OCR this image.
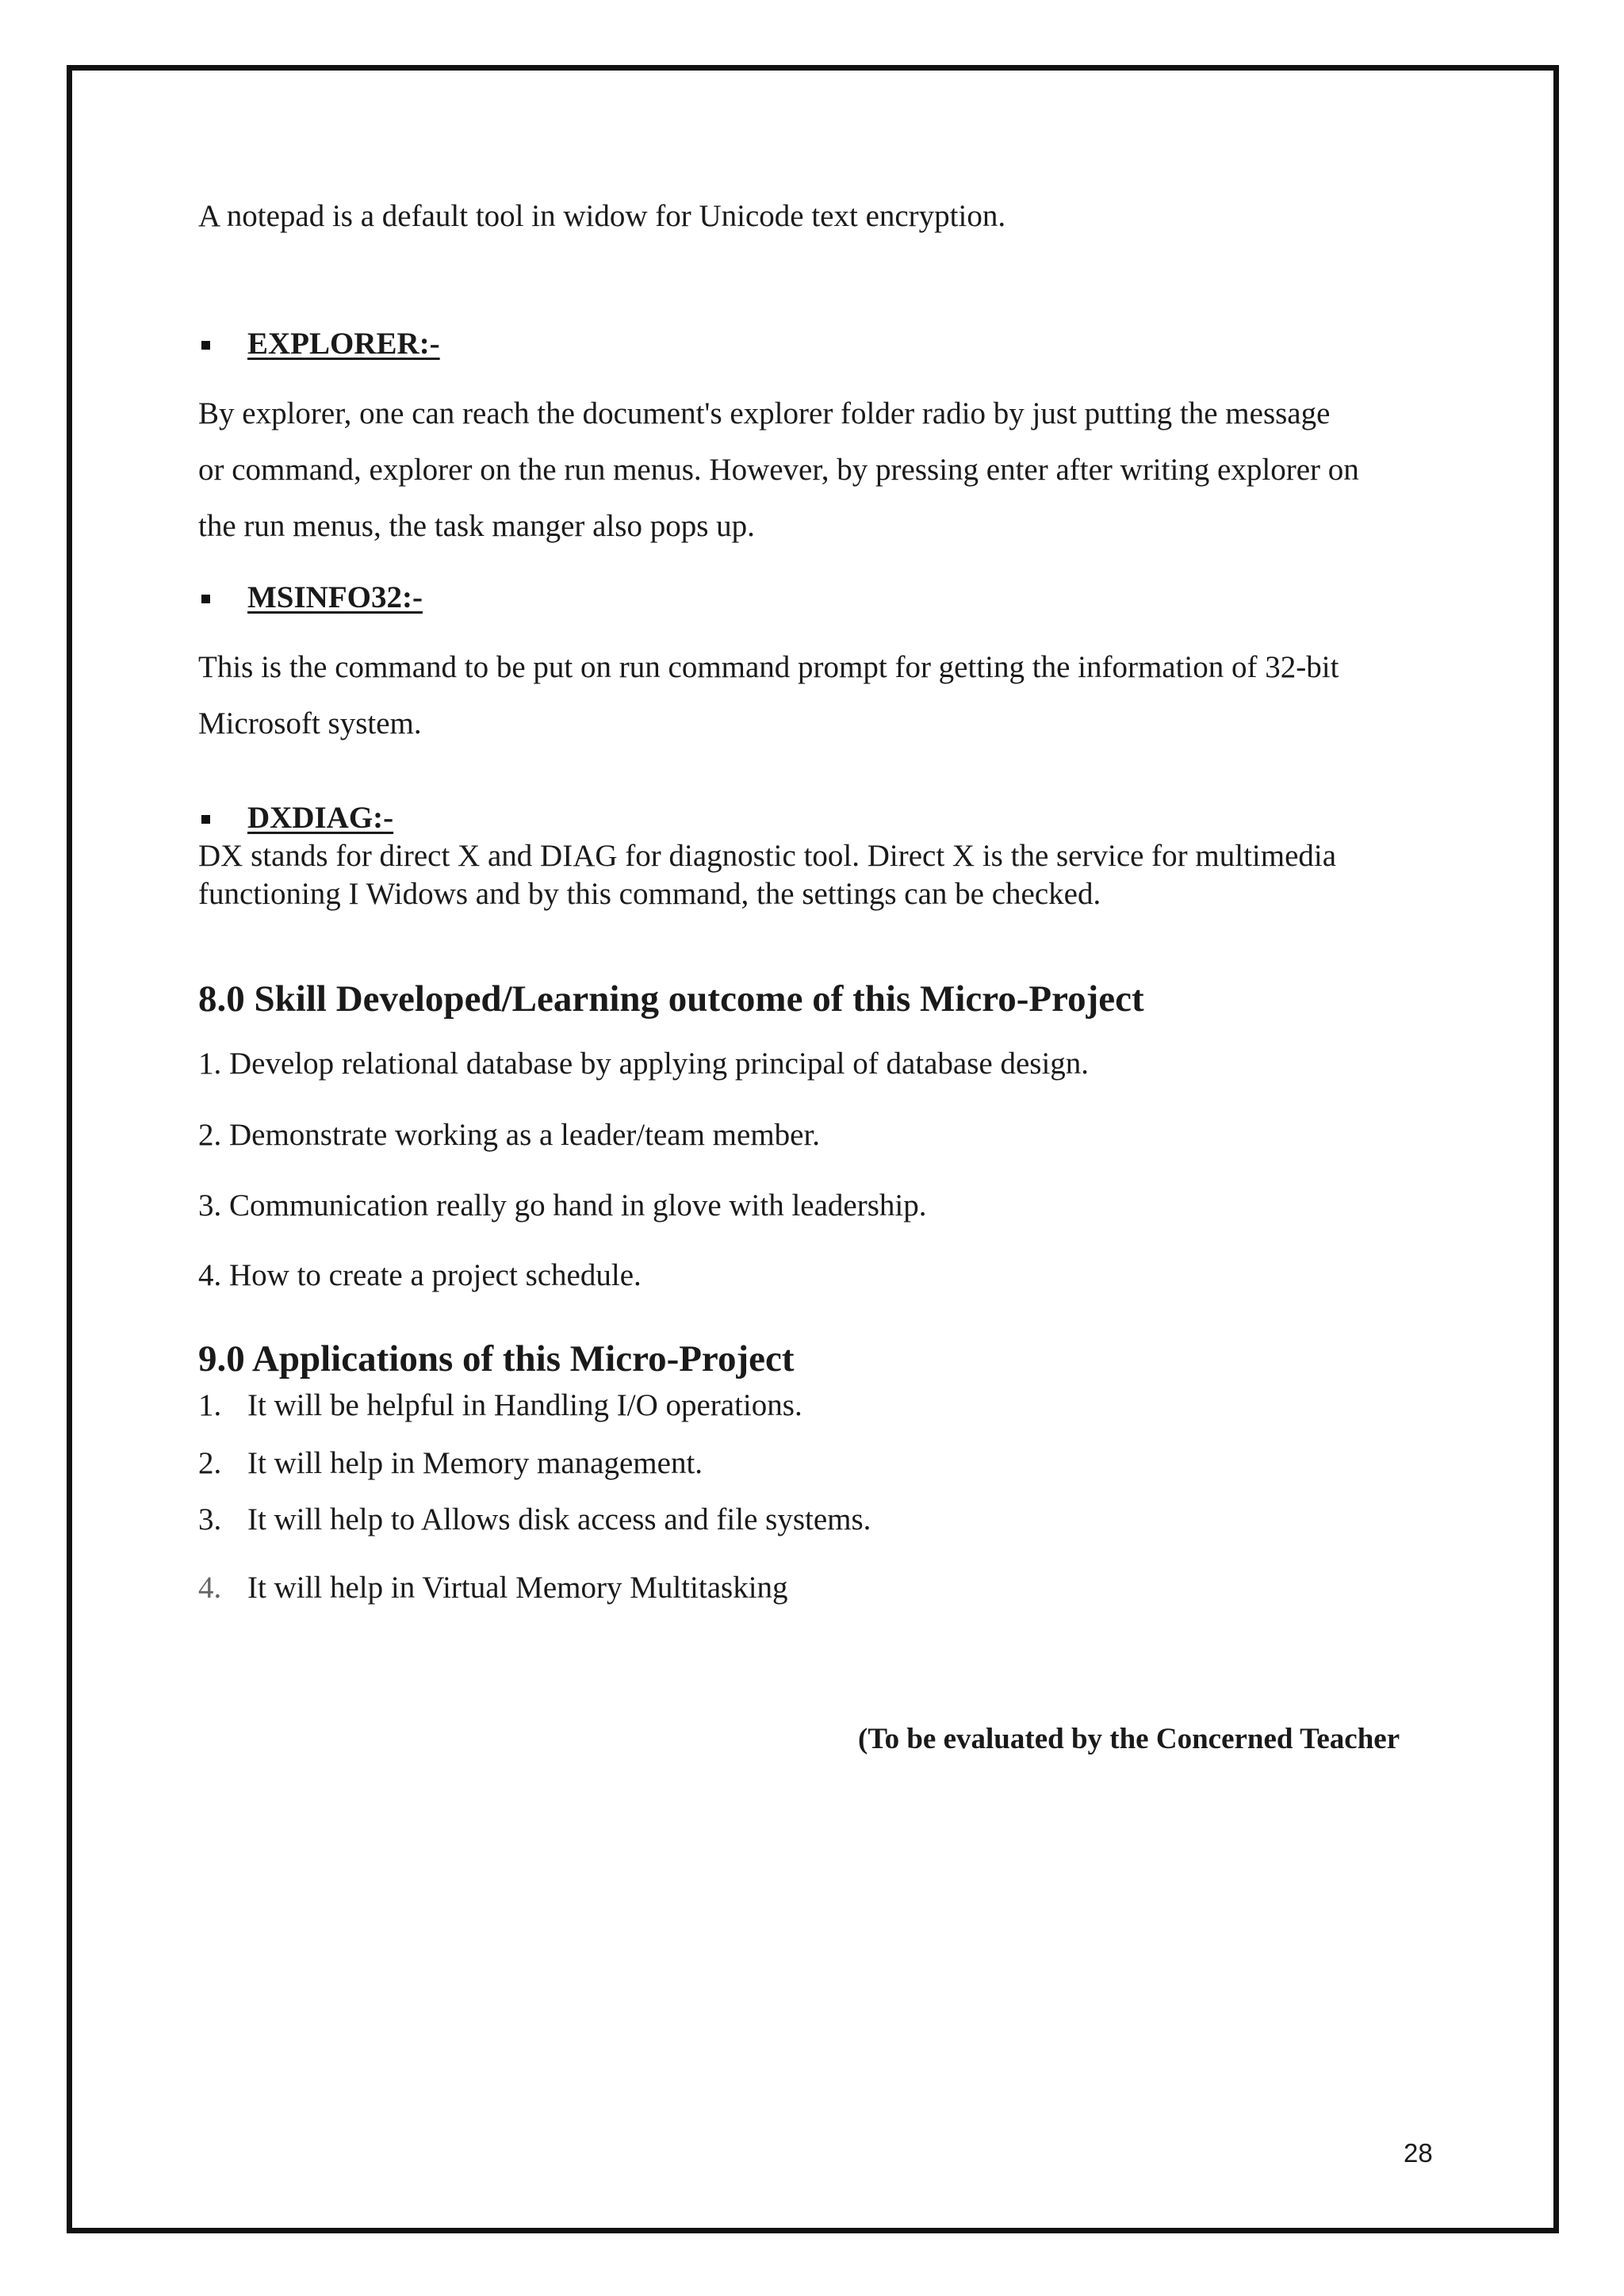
A notepad is a default tool in widow for Unicode text encryption.

EXPLORER:-

By explorer, one can reach the document's explorer folder radio by just putting the message

or command, explorer on the run menus. However, by pressing enter after writing explorer on

the run menus, the task manger also pops up.

MSINFO32:-

This is the command to be put on run command prompt for getting the information of 32-bit

Microsoft system.

DXDIAG:-

DX stands for direct X and DIAG for diagnostic tool. Direct X is the service for multimedia

functioning I Widows and by this command, the settings can be checked.

8.0 Skill Developed/Learning outcome of this Micro-Project

1. Develop relational database by applying principal of database design.

2. Demonstrate working as a leader/team member.

3. Communication really go hand in glove with leadership.

4. How to create a project schedule.

9.0 Applications of this Micro-Project
1. It will be helpful in Handling I/O operations.
2. It will help in Memory management.
3. It will help to Allows disk access and file systems.
4. It will help in Virtual Memory Multitasking
(To be evaluated by the Concerned Teacher
28
